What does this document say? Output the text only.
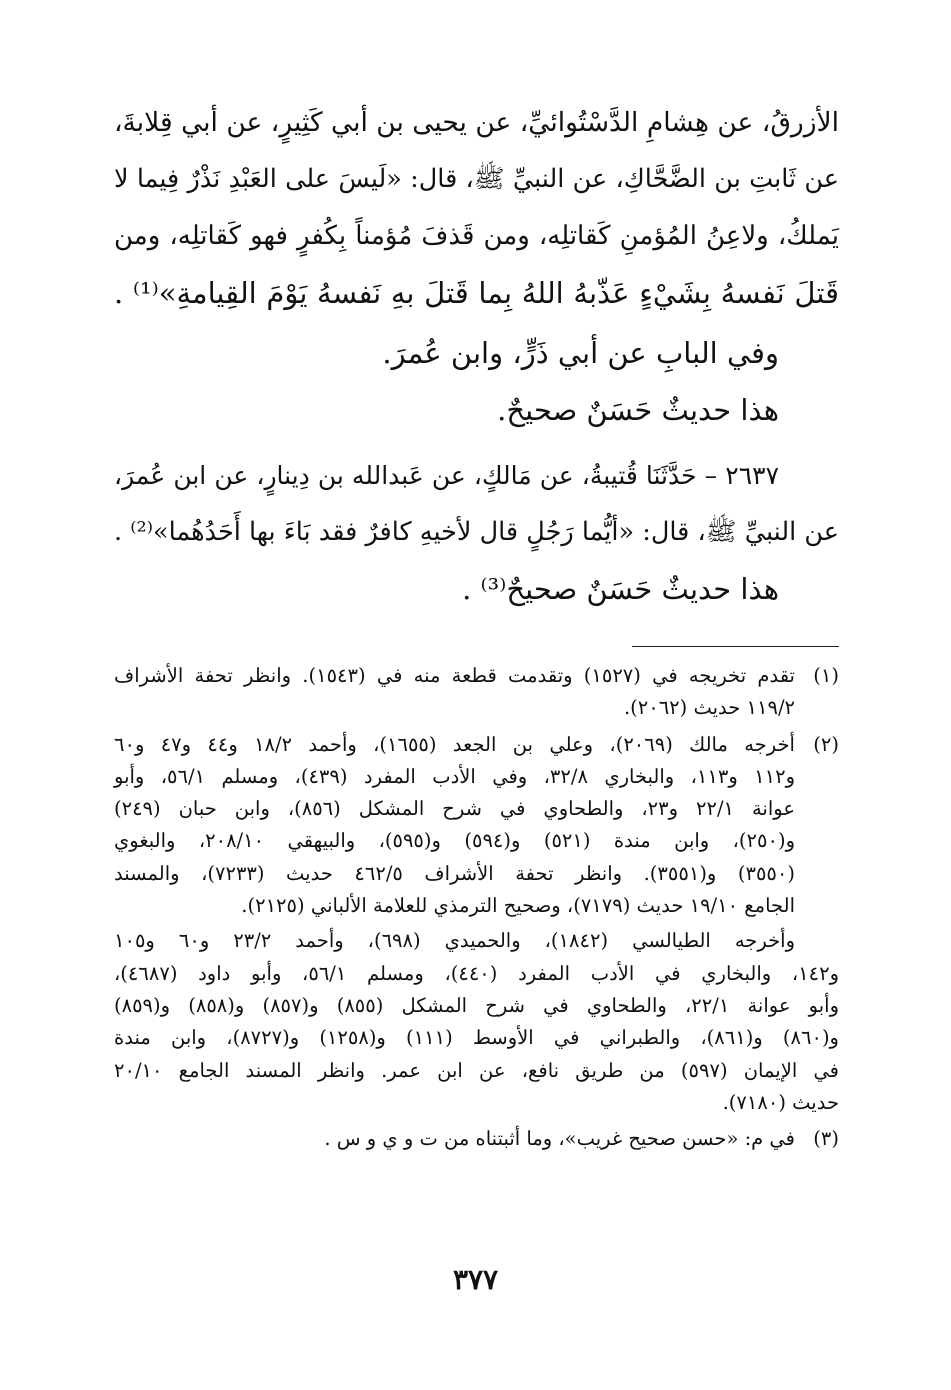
الأزرقُ، عن هِشامِ الدَّسْتُوائيِّ، عن يحيى بن أبي كَثِيرٍ، عن أبي قِلابةَ،
عن ثَابتِ بن الضَّحَّاكِ، عن النبيِّ ﷺ، قال: «لَيسَ على العَبْدِ نَذْرٌ فِيما لا
يَملكُ، ولاعِنُ المُؤمنِ كَقاتلِه، ومن قَذفَ مُؤمناً بِكُفرٍ فهو كَقاتلِه، ومن
قَتلَ نَفسهُ بِشَيْءٍ عَذّبهُ اللهُ بِما قَتلَ بهِ نَفسهُ يَوْمَ القِيامةِ»⁽¹⁾ .
وفي البابِ عن أبي ذَرٍّ، وابن عُمرَ.
هذا حديثٌ حَسَنٌ صحيحٌ.
٢٦٣٧ – حَدَّثَنَا قُتيبةُ، عن مَالكٍ، عن عَبدالله بن دِينارٍ، عن ابن عُمرَ،
عن النبيِّ ﷺ، قال: «أيُّما رَجُلٍ قال لأخيهِ كافرٌ فقد بَاءَ بها أَحَدُهُما»⁽²⁾ .
هذا حديثٌ حَسَنٌ صحيحٌ⁽³⁾ .
(١)
تقدم تخريجه في (١٥٢٧) وتقدمت قطعة منه في (١٥٤٣). وانظر تحفة الأشراف
١١٩/٢ حديث (٢٠٦٢).
(٢)
أخرجه مالك (٢٠٦٩)، وعلي بن الجعد (١٦٥٥)، وأحمد ١٨/٢ و٤٤ و٤٧ و٦٠
و١١٢ و١١٣، والبخاري ٣٢/٨، وفي الأدب المفرد (٤٣٩)، ومسلم ٥٦/١، وأبو
عوانة ٢٢/١ و٢٣، والطحاوي في شرح المشكل (٨٥٦)، وابن حبان (٢٤٩)
و(٢٥٠)، وابن مندة (٥٢١) و(٥٩٤) و(٥٩٥)، والبيهقي ٢٠٨/١٠، والبغوي
(٣٥٥٠) و(٣٥٥١). وانظر تحفة الأشراف ٤٦٢/٥ حديث (٧٢٣٣)، والمسند
الجامع ١٩/١٠ حديث (٧١٧٩)، وصحيح الترمذي للعلامة الألباني (٢١٢٥).
وأخرجه الطيالسي (١٨٤٢)، والحميدي (٦٩٨)، وأحمد ٢٣/٢ و٦٠ و١٠٥
و١٤٢، والبخاري في الأدب المفرد (٤٤٠)، ومسلم ٥٦/١، وأبو داود (٤٦٨٧)،
وأبو عوانة ٢٢/١، والطحاوي في شرح المشكل (٨٥٥) و(٨٥٧) و(٨٥٨) و(٨٥٩)
و(٨٦٠) و(٨٦١)، والطبراني في الأوسط (١١١) و(١٢٥٨) و(٨٧٢٧)، وابن مندة
في الإيمان (٥٩٧) من طريق نافع، عن ابن عمر. وانظر المسند الجامع ٢٠/١٠
حديث (٧١٨٠).
(٣)
في م: «حسن صحيح غريب»، وما أثبتناه من ت و ي و س .
٣٧٧
